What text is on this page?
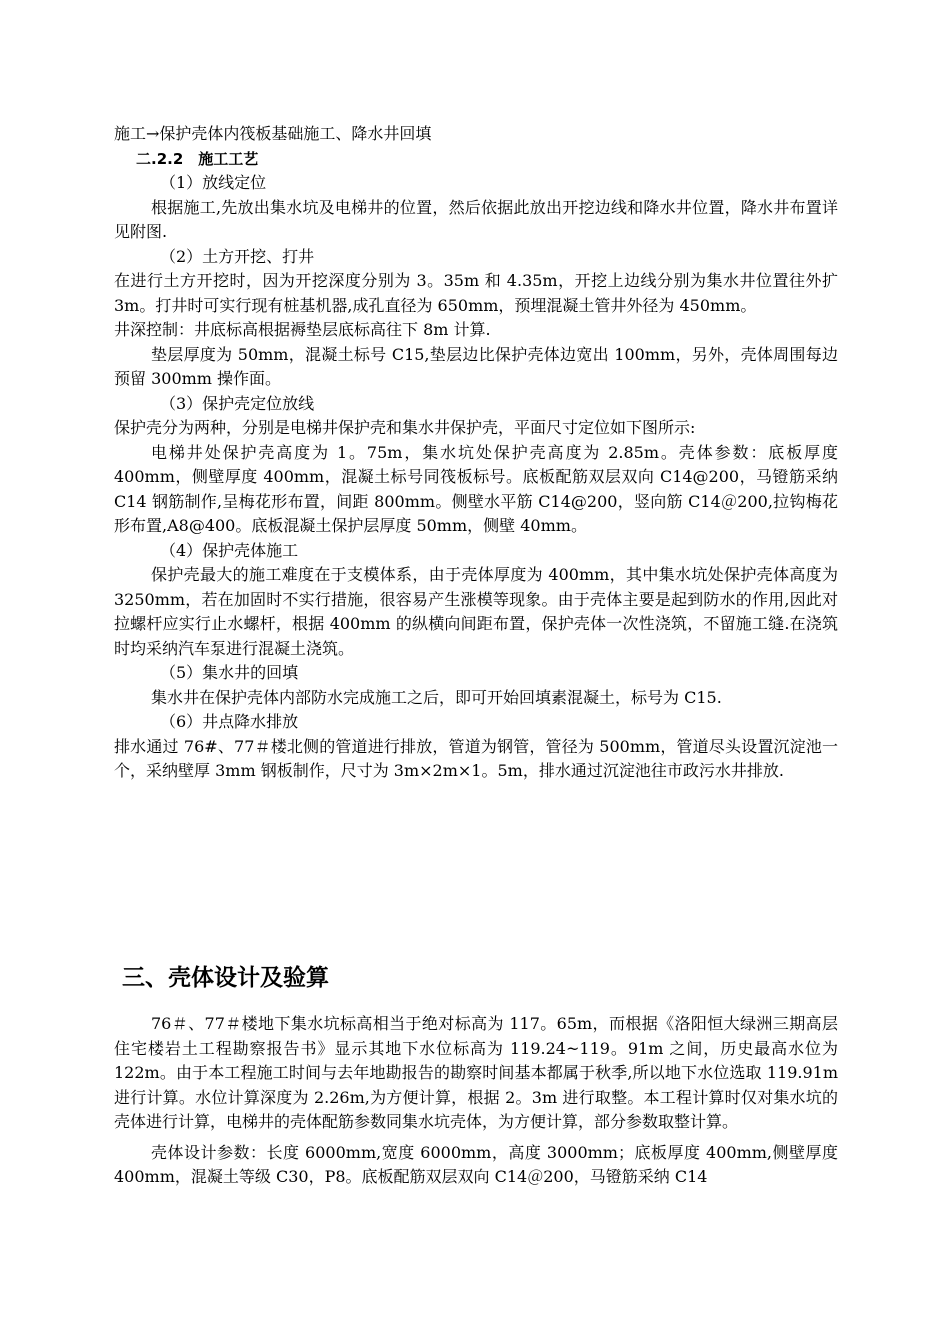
施工→保护壳体内筏板基础施工、降水井回填

二.2.2　施工工艺

（1）放线定位

根据施工,先放出集水坑及电梯井的位置，然后依据此放出开挖边线和降水井位置，降水井布置详见附图.

（2）土方开挖、打井

在进行土方开挖时，因为开挖深度分别为 3。35m 和 4.35m，开挖上边线分别为集水井位置往外扩 3m。打井时可实行现有桩基机器,成孔直径为 650mm，预埋混凝土管井外径为 450mm。

井深控制：井底标高根据褥垫层底标高往下 8m 计算.

垫层厚度为 50mm，混凝土标号 C15,垫层边比保护壳体边宽出 100mm，另外，壳体周围每边预留 300mm 操作面。

（3）保护壳定位放线

保护壳分为两种，分别是电梯井保护壳和集水井保护壳，平面尺寸定位如下图所示:

电梯井处保护壳高度为 1。75m，集水坑处保护壳高度为 2.85m。壳体参数：底板厚度 400mm，侧壁厚度 400mm，混凝土标号同筏板标号。底板配筋双层双向 C14@200，马镫筋采纳 C14 钢筋制作,呈梅花形布置，间距 800mm。侧壁水平筋 C14@200，竖向筋 C14＠200,拉钩梅花形布置,A8@400。底板混凝土保护层厚度 50mm，侧壁 40mm。

（4）保护壳体施工

保护壳最大的施工难度在于支模体系，由于壳体厚度为 400mm，其中集水坑处保护壳体高度为 3250mm，若在加固时不实行措施，很容易产生涨模等现象。由于壳体主要是起到防水的作用,因此对拉螺杆应实行止水螺杆，根据 400mm 的纵横向间距布置，保护壳体一次性浇筑，不留施工缝.在浇筑时均采纳汽车泵进行混凝土浇筑。

（5）集水井的回填

集水井在保护壳体内部防水完成施工之后，即可开始回填素混凝土，标号为 C15.

（6）井点降水排放

排水通过 76#、77＃楼北侧的管道进行排放，管道为钢管，管径为 500mm，管道尽头设置沉淀池一个，采纳壁厚 3mm 钢板制作，尺寸为 3m×2m×1。5m，排水通过沉淀池往市政污水井排放.

三、壳体设计及验算

76＃、77＃楼地下集水坑标高相当于绝对标高为 117。65m，而根据《洛阳恒大绿洲三期高层住宅楼岩土工程勘察报告书》显示其地下水位标高为 119.24~119。91m 之间，历史最高水位为 122m。由于本工程施工时间与去年地勘报告的勘察时间基本都属于秋季,所以地下水位选取 119.91m 进行计算。水位计算深度为 2.26m,为方便计算，根据 2。3m 进行取整。本工程计算时仅对集水坑的壳体进行计算，电梯井的壳体配筋参数同集水坑壳体，为方便计算，部分参数取整计算。

壳体设计参数：长度 6000mm,宽度 6000mm，高度 3000mm；底板厚度 400mm,侧壁厚度 400mm，混凝土等级 C30，P8。底板配筋双层双向 C14＠200，马镫筋采纳 C14
